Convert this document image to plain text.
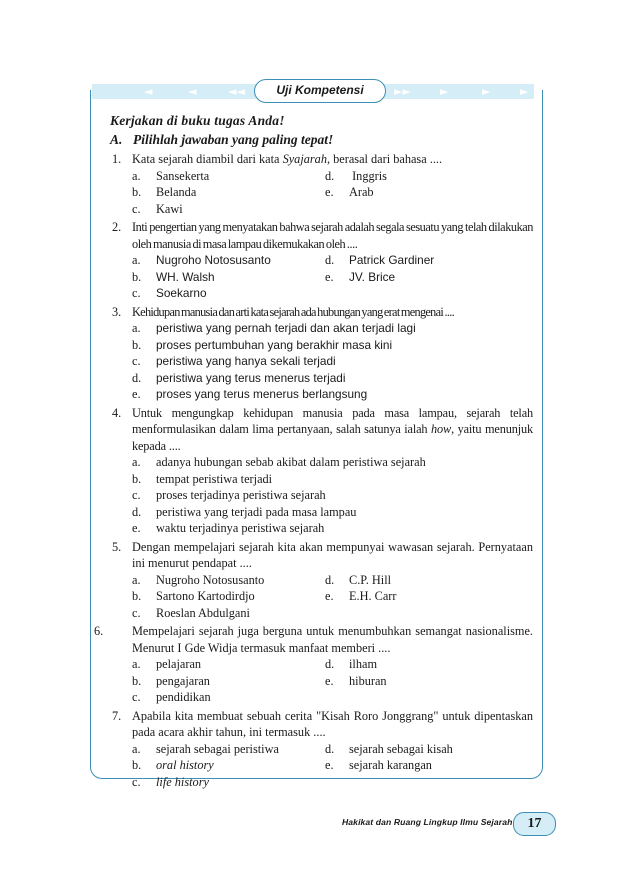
◄	◄	◄◄	►►	►	►	►
Uji Kompetensi
Kerjakan di buku tugas Anda!
A. Pilihlah jawaban yang paling tepat!
1. Kata sejarah diambil dari kata Syajarah, berasal dari bahasa ....
a. Sansekerta	d. Inggris
b. Belanda	e. Arab
c. Kawi
2. Inti pengertian yang menyatakan bahwa sejarah adalah segala sesuatu yang telah dilakukan oleh manusia di masa lampau dikemukakan oleh ....
a. Nugroho Notosusanto	d. Patrick Gardiner
b. WH. Walsh	e. JV. Brice
c. Soekarno
3. Kehidupan manusia dan arti kata sejarah ada hubungan yang erat mengenai ....
a. peristiwa yang pernah terjadi dan akan terjadi lagi
b. proses pertumbuhan yang berakhir masa kini
c. peristiwa yang hanya sekali terjadi
d. peristiwa yang terus menerus terjadi
e. proses yang terus menerus berlangsung
4. Untuk mengungkap kehidupan manusia pada masa lampau, sejarah telah menformulasikan dalam lima pertanyaan, salah satunya ialah how, yaitu menunjuk kepada ....
a. adanya hubungan sebab akibat dalam peristiwa sejarah
b. tempat peristiwa terjadi
c. proses terjadinya peristiwa sejarah
d. peristiwa yang terjadi pada masa lampau
e. waktu terjadinya peristiwa sejarah
5. Dengan mempelajari sejarah kita akan mempunyai wawasan sejarah. Pernyataan ini menurut pendapat ....
a. Nugroho Notosusanto	d. C.P. Hill
b. Sartono Kartodirdjo	e. E.H. Carr
c. Roeslan Abdulgani
6. Mempelajari sejarah juga berguna untuk menumbuhkan semangat nasionalisme. Menurut I Gde Widja termasuk manfaat memberi ....
a. pelajaran	d. ilham
b. pengajaran	e. hiburan
c. pendidikan
7. Apabila kita membuat sebuah cerita "Kisah Roro Jonggrang" untuk dipentaskan pada acara akhir tahun, ini termasuk ....
a. sejarah sebagai peristiwa	d. sejarah sebagai kisah
b. oral history	e. sejarah karangan
c. life history
Hakikat dan Ruang Lingkup Ilmu Sejarah	17
